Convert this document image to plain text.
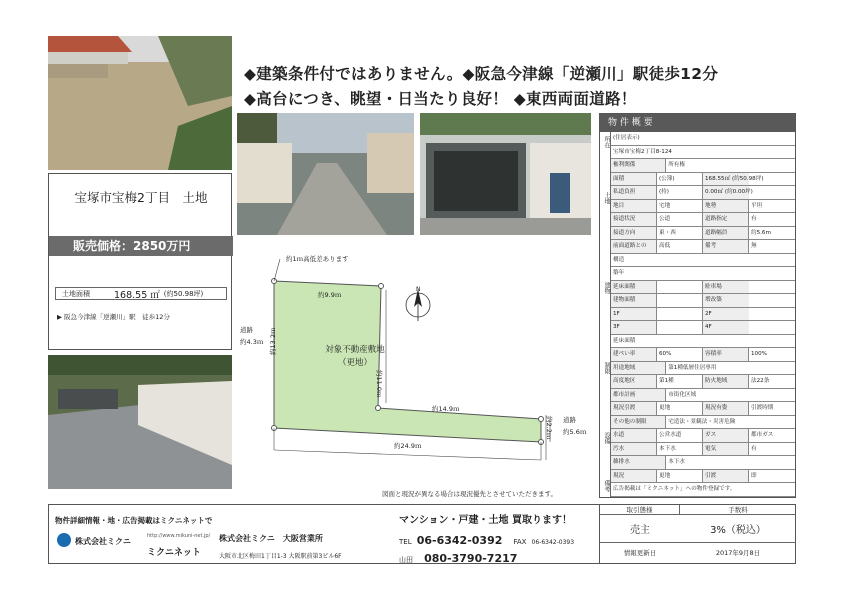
◆建築条件付ではありません。◆阪急今津線「逆瀬川」駅徒歩12分
◆高台につき、眺望・日当たり良好！ ◆東西両面道路！
宝塚市宝梅2丁目　土地
販売価格：2850万円
土地面積	168.55 ㎡ (約50.98坪)
▶ 阪急今津線「逆瀬川」駅　徒歩12分
約1ｍ高低差あります
N
対象不動産敷地
（更地）
約9.9ｍ
約13.2ｍ
約11.0ｍ
約14.9ｍ
約2.2ｍ
約24.9ｍ
道路
約4.3ｍ
道路
約5.6ｍ
図面と現況が異なる場合は現況優先とさせていただきます。
物 件 概 要
所在
土地
建物
制限
設備
備考
(住居表示)
宝塚市宝梅2丁目8-124
権利関係	所有権
面積	(公簿)	168.55㎡ (約50.98坪)
私道負担	(持)	0.00㎡ (約0.00坪)
地目	宅地	地勢	平坦
接道状況	公道	道路指定	有
接道方向	東・西	道路幅員	約5.6m
前面道路との	高低	備考	無
構造
築年
延床面積	駐車場
建物面積	増改築
1F	2F
3F	4F
延床面積
建ぺい率	60%	容積率	100%
用途地域	第1種低層住居専用
高度地区	第1種	防火地域	法22条
都市計画	市街化区域
現況引渡	更地	現況有姿	引渡時期
その他の制限	宅造法・景観法・災害危険
水道	公営水道	ガス	都市ガス
汚水	本下水	電気	有
雑排水	本下水
現況	更地	引渡	即
広告掲載は「ミクニネット」への物件登録です。
物件詳細情報・地・広告掲載はミクニネットで
株式会社ミクニ
http://www.mikuni-net.jp/
ミクニネット
株式会社ミクニ　大阪営業所
大阪市北区梅田1丁目1-3 大阪駅前第3ビル6F
マンション・戸建・土地 買取ります！
TEL 06-6342-0392 FAX 06-6342-0393
山田 080-3790-7217
取引態様	手数料
売主	3%（税込）
情報更新日	2017年9月8日
